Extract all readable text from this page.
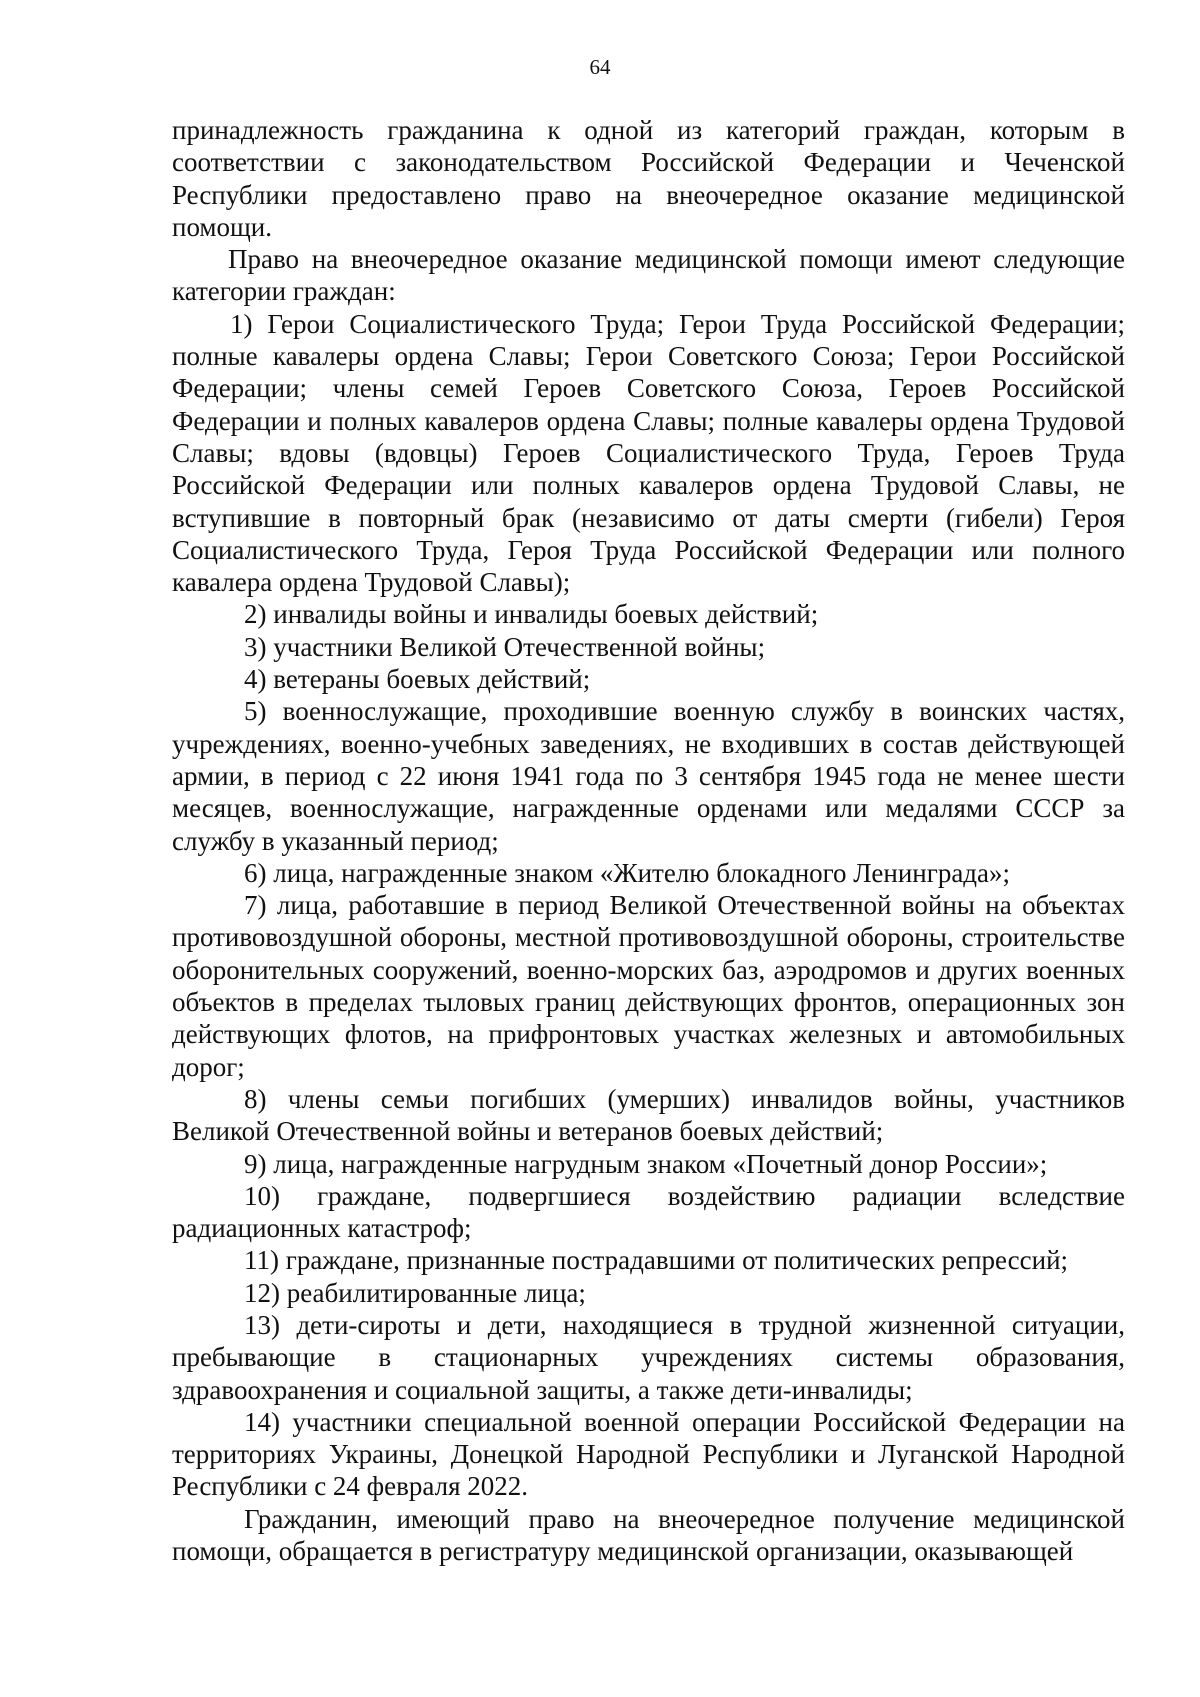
64

принадлежность гражданина к одной из категорий граждан, которым в соответствии с законодательством Российской Федерации и Чеченской Республики предоставлено право на внеочередное оказание медицинской помощи.

Право на внеочередное оказание медицинской помощи имеют следующие категории граждан:

1) Герои Социалистического Труда; Герои Труда Российской Федерации; полные кавалеры ордена Славы; Герои Советского Союза; Герои Российской Федерации; члены семей Героев Советского Союза, Героев Российской Федерации и полных кавалеров ордена Славы; полные кавалеры ордена Трудовой Славы; вдовы (вдовцы) Героев Социалистического Труда, Героев Труда Российской Федерации или полных кавалеров ордена Трудовой Славы, не вступившие в повторный брак (независимо от даты смерти (гибели) Героя Социалистического Труда, Героя Труда Российской Федерации или полного кавалера ордена Трудовой Славы);

2) инвалиды войны и инвалиды боевых действий;

3) участники Великой Отечественной войны;

4) ветераны боевых действий;

5) военнослужащие, проходившие военную службу в воинских частях, учреждениях, военно-учебных заведениях, не входивших в состав действующей армии, в период с 22 июня 1941 года по 3 сентября 1945 года не менее шести месяцев, военнослужащие, награжденные орденами или медалями СССР за службу в указанный период;

6) лица, награжденные знаком «Жителю блокадного Ленинграда»;

7) лица, работавшие в период Великой Отечественной войны на объектах противовоздушной обороны, местной противовоздушной обороны, строительстве оборонительных сооружений, военно-морских баз, аэродромов и других военных объектов в пределах тыловых границ действующих фронтов, операционных зон действующих флотов, на прифронтовых участках железных и автомобильных дорог;

8) члены семьи погибших (умерших) инвалидов войны, участников Великой Отечественной войны и ветеранов боевых действий;

9) лица, награжденные нагрудным знаком «Почетный донор России»;

10) граждане, подвергшиеся воздействию радиации вследствие радиационных катастроф;

11) граждане, признанные пострадавшими от политических репрессий;

12) реабилитированные лица;

13) дети-сироты и дети, находящиеся в трудной жизненной ситуации, пребывающие в стационарных учреждениях системы образования, здравоохранения и социальной защиты, а также дети-инвалиды;

14) участники специальной военной операции Российской Федерации на территориях Украины, Донецкой Народной Республики и Луганской Народной Республики с 24 февраля 2022.

Гражданин, имеющий право на внеочередное получение медицинской помощи, обращается в регистратуру медицинской организации, оказывающей
